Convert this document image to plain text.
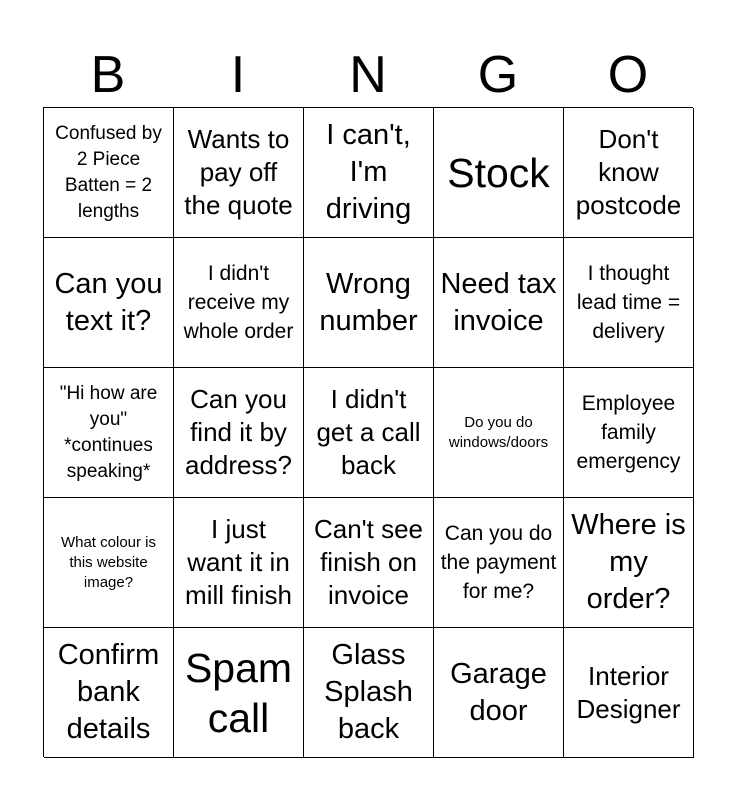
B	I	N	G	O
Confused by 2 Piece Batten = 2 lengths
Wants to pay off the quote
I can't, I'm driving
Stock
Don't know postcode
Can you text it?
I didn't receive my whole order
Wrong number
Need tax invoice
I thought lead time = delivery
"Hi how are you" *continues speaking*
Can you find it by address?
I didn't get a call back
Do you do windows/doors
Employee family emergency
What colour is this website image?
I just want it in mill finish
Can't see finish on invoice
Can you do the payment for me?
Where is my order?
Confirm bank details
Spam call
Glass Splash back
Garage door
Interior Designer
